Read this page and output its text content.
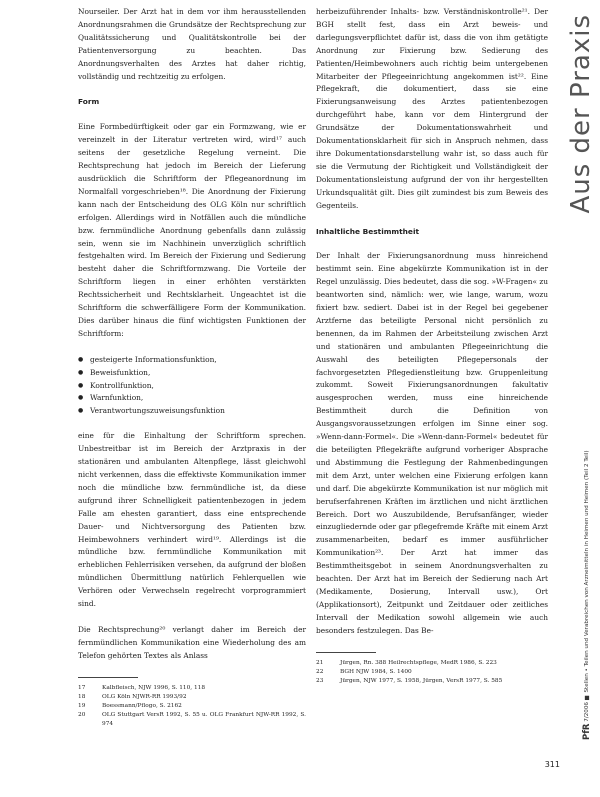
Nourseiler. Der Arzt hat in dem vor ihm herausstellenden Anordnungsrahmen die Grundsätze der Rechtsprechung zur Qualitätssicherung und Qualitätskontrolle bei der Patientenversorgung zu beachten. Das Anordnungsverhalten des Arztes hat daher richtig, vollständig und rechtzeitig zu erfolgen.

Form

Eine Formbedürftigkeit oder gar ein Formzwang, wie er vereinzelt in der Literatur vertreten wird, wird¹⁷ auch seitens der gesetzliche Regelung verneint. Die Rechtsprechung hat jedoch im Bereich der Lieferung ausdrücklich die Schriftform der Pflegeanordnung im Normalfall vorgeschrieben¹⁸. Die Anordnung der Fixierung kann nach der Entscheidung des OLG Köln nur schriftlich erfolgen. Allerdings wird in Notfällen auch die mündliche bzw. fernmündliche Anordnung gebenfalls dann zulässig sein, wenn sie im Nachhinein unverzüglich schriftlich festgehalten wird. Im Bereich der Fixierung und Sedierung besteht daher die Schriftformzwang. Die Vorteile der Schriftform liegen in einer erhöhten verstärkten Rechtssicherheit und Rechtsklarheit. Ungeachtet ist die Schriftform die schwerfälligere Form der Kommunikation. Dies darüber hinaus die fünf wichtigsten Funktionen der Schriftform:

● gesteigerte Informationsfunktion,
● Beweisfunktion,
● Kontrollfunktion,
● Warnfunktion,
● Verantwortungszuweisungsfunktion

eine für die Einhaltung der Schriftform sprechen. Unbestreitbar ist im Bereich der Arztpraxis in der stationären und ambulanten Altenpflege, lässt gleichwohl nicht verkennen, dass die effektivste Kommunikation immer noch die mündliche bzw. fernmündliche ist, da diese aufgrund ihrer Schnelligkeit patientenbezogen in jedem Falle am ehesten garantiert, dass eine entsprechende Dauer- und Nichtversorgung des Patienten bzw. Heimbewohners verhindert wird¹⁹. Allerdings ist die mündliche bzw. fernmündliche Kommunikation mit erheblichen Fehlerrisiken versehen, da aufgrund der bloßen mündlichen Übermittlung natürlich Fehlerquellen wie Verhören oder Verwechseln regelrecht vorprogrammiert sind.

Die Rechtsprechung²⁰ verlangt daher im Bereich der fernmündlichen Kommunikation eine Wiederholung des am Telefon gehörten Textes als Anlass

17	Kalbfleisch, NJW 1996, S. 110, 118
18	OLG Köln NJWR-RR 1993/92
19	Boessmann/Pflogo, S. 2162
20	OLG Stuttgart VersR 1992, S. 55 u. OLG Frankfurt NJW-RR 1992, S. 974

herbeizuführender Inhalts- bzw. Verständniskontrolle²¹. Der BGH stellt fest, dass ein Arzt beweis- und darlegungsverpflichtet dafür ist, dass die von ihm getätigte Anordnung zur Fixierung bzw. Sedierung des Patienten/Heimbewohners auch richtig beim untergebenen Mitarbeiter der Pflegeeinrichtung angekommen ist²². Eine Pflegekraft, die dokumentiert, dass sie eine Fixierungsanweisung des Arztes patientenbezogen durchgeführt habe, kann vor dem Hintergrund der Grundsätze der Dokumentationswahrheit und Dokumentationsklarheit für sich in Anspruch nehmen, dass ihre Dokumentationsdarstellung wahr ist, so dass auch für sie die Vermutung der Richtigkeit und Vollständigkeit der Dokumentationsleistung aufgrund der von ihr hergestellten Urkundsqualität gilt. Dies gilt zumindest bis zum Beweis des Gegenteils.

Inhaltliche Bestimmtheit

Der Inhalt der Fixierungsanordnung muss hinreichend bestimmt sein. Eine abgekürzte Kommunikation ist in der Regel unzulässig. Dies bedeutet, dass die sog. »W-Fragen« zu beantworten sind, nämlich: wer, wie lange, warum, wozu fixiert bzw. sediert. Dabei ist in der Regel bei gegebener Arztferne das beteiligte Personal nicht persönlich zu benennen, da im Rahmen der Arbeitsteilung zwischen Arzt und stationären und ambulanten Pflegeeinrichtung die Auswahl des beteiligten Pflegepersonals der fachvorgesetzten Pflegedienstleitung bzw. Gruppenleitung zukommt. Soweit Fixierungsanordnungen fakultativ ausgesprochen werden, muss eine hinreichende Bestimmtheit durch die Definition von Ausgangsvoraussetzungen erfolgen im Sinne einer sog. »Wenn-dann-Formel«. Die »Wenn-dann-Formel« bedeutet für die beteiligten Pflegekräfte aufgrund vorheriger Absprache und Abstimmung die Festlegung der Rahmenbedingungen mit dem Arzt, unter welchen eine Fixierung erfolgen kann und darf. Die abgekürzte Kommunikation ist nur möglich mit berufserfahrenen Kräften im ärztlichen und nicht ärztlichen Bereich. Dort wo Auszubildende, Berufsanfänger, wieder einzugliedernde oder gar pflegefremde Kräfte mit einem Arzt zusammenarbeiten, bedarf es immer ausführlicher Kommunikation²³. Der Arzt hat immer das Bestimmtheitsgebot in seinem Anordnungsverhalten zu beachten. Der Arzt hat im Bereich der Sedierung nach Art (Medikamente, Dosierung, Intervall usw.), Ort (Applikationsort), Zeitpunkt und Zeitdauer oder zeitliches Intervall der Medikation sowohl allgemein wie auch besonders festzulegen. Das Be-

21	Jürgen, Rn. 388 Heilrechtspflege, MedR 1986, S. 223
22	BGH NJW 1984, S. 1400
23	Jürgen, NJW 1977, S. 1958, Jürgen, VersR 1977, S. 585
Aus der Praxis
PfR 7/2006 ■ Stellen • Teilen und Verabreichen von Arzneimitteln in Heimen und Heimen (Teil 2 Teil)
311
